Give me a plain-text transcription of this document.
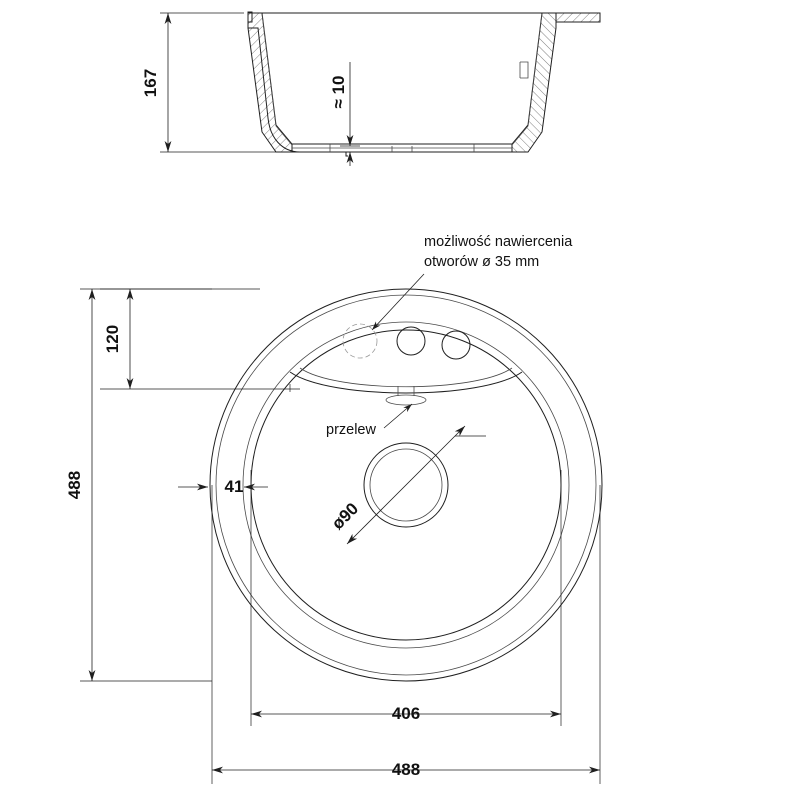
167	≈ 10
ø90
możliwość nawiercenia
otworów ø 35 mm
przelew
120
488	41
406
488
